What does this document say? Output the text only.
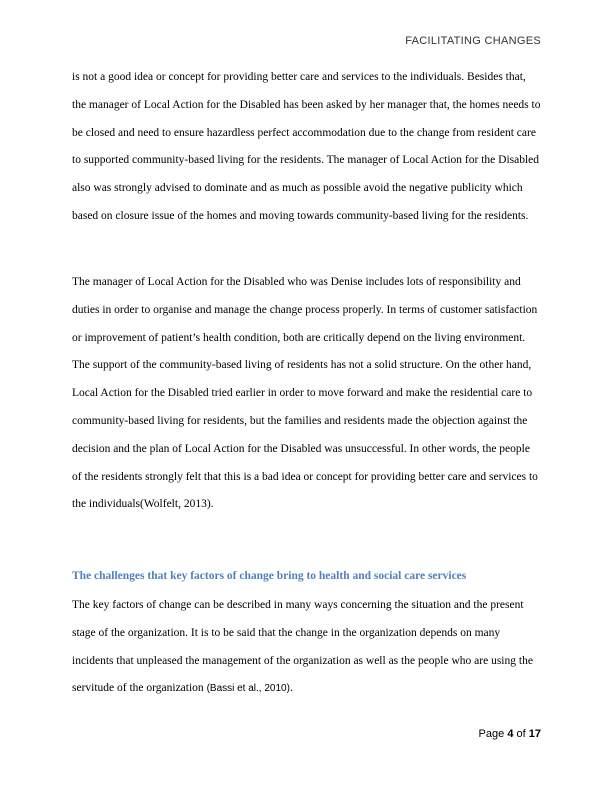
FACILITATING CHANGES

is not a good idea or concept for providing better care and services to the individuals. Besides that, the manager of Local Action for the Disabled has been asked by her manager that, the homes needs to be closed and need to ensure hazardless perfect accommodation due to the change from resident care to supported community-based living for the residents. The manager of Local Action for the Disabled also was strongly advised to dominate and as much as possible avoid the negative publicity which based on closure issue of the homes and moving towards community-based living for the residents.

The manager of Local Action for the Disabled who was Denise includes lots of responsibility and duties in order to organise and manage the change process properly. In terms of customer satisfaction or improvement of patient’s health condition, both are critically depend on the living environment. The support of the community-based living of residents has not a solid structure. On the other hand, Local Action for the Disabled tried earlier in order to move forward and make the residential care to community-based living for residents, but the families and residents made the objection against the decision and the plan of Local Action for the Disabled was unsuccessful. In other words, the people of the residents strongly felt that this is a bad idea or concept for providing better care and services to the individuals(Wolfelt, 2013).

The challenges that key factors of change bring to health and social care services

The key factors of change can be described in many ways concerning the situation and the present stage of the organization. It is to be said that the change in the organization depends on many incidents that unpleased the management of the organization as well as the people who are using the servitude of the organization (Bassi et al., 2010).

Page 4 of 17
